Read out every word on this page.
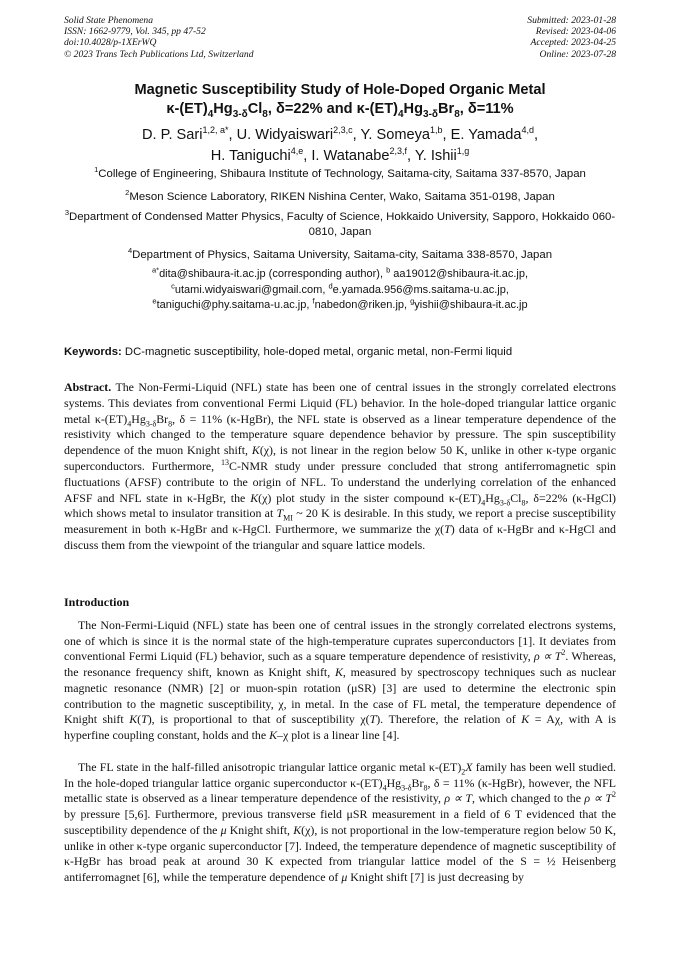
Solid State Phenomena
ISSN: 1662-9779, Vol. 345, pp 47-52
doi:10.4028/p-1XErWQ
© 2023 Trans Tech Publications Ltd, Switzerland
Submitted: 2023-01-28
Revised: 2023-04-06
Accepted: 2023-04-25
Online: 2023-07-28
Magnetic Susceptibility Study of Hole-Doped Organic Metal
$\kappa-(ET)_4Hg_{3-\delta}Cl_8$, δ=22% and $\kappa-(ET)_4Hg_{3-\delta}Br_8$, δ=11%
D. P. Sari$^{1,2, a*}$, U. Widyaiswari$^{2,3,c}$, Y. Someya$^{1,b}$, E. Yamada$^{4,d}$,
H. Taniguchi$^{4,e}$, I. Watanabe$^{2,3,f}$, Y. Ishii$^{1,g}$
$^1$College of Engineering, Shibaura Institute of Technology, Saitama-city, Saitama 337-8570, Japan
$^2$Meson Science Laboratory, RIKEN Nishina Center, Wako, Saitama 351-0198, Japan
$^3$Department of Condensed Matter Physics, Faculty of Science, Hokkaido University, Sapporo, Hokkaido 060-0810, Japan
$^4$Department of Physics, Saitama University, Saitama-city, Saitama 338-8570, Japan
$^{a*}$dita@shibaura-it.ac.jp (corresponding author), $^b$ aa19012@shibaura-it.ac.jp,
$^c$utami.widyaiswari@gmail.com, $^d$e.yamada.956@ms.saitama-u.ac.jp,
$^e$taniguchi@phy.saitama-u.ac.jp, $^f$nabedon@riken.jp, $^g$yishii@shibaura-it.ac.jp
Keywords: DC-magnetic susceptibility, hole-doped metal, organic metal, non-Fermi liquid
Abstract. The Non-Fermi-Liquid (NFL) state has been one of central issues in the strongly correlated electrons systems. This deviates from conventional Fermi Liquid (FL) behavior. In the hole-doped triangular lattice organic metal $\kappa-(ET)_4Hg_{3-\delta}Br_8$, δ = 11% (κ-HgBr), the NFL state is observed as a linear temperature dependence of the resistivity which changed to the temperature square dependence behavior by pressure. The spin susceptibility dependence of the muon Knight shift, K(χ), is not linear in the region below 50 K, unlike in other κ-type organic superconductors. Furthermore, $^{13}$C-NMR study under pressure concluded that strong antiferromagnetic spin fluctuations (AFSF) contribute to the origin of NFL. To understand the underlying correlation of the enhanced AFSF and NFL state in κ-HgBr, the K(χ) plot study in the sister compound $\kappa-(ET)_4Hg_{3-\delta}Cl_8$, δ=22% (κ-HgCl) which shows metal to insulator transition at $T_{MI}$ ~ 20 K is desirable. In this study, we report a precise susceptibility measurement in both κ-HgBr and κ-HgCl. Furthermore, we summarize the χ(T) data of κ-HgBr and κ-HgCl and discuss them from the viewpoint of the triangular and square lattice models.
Introduction
The Non-Fermi-Liquid (NFL) state has been one of central issues in the strongly correlated electrons systems, one of which is since it is the normal state of the high-temperature cuprates superconductors [1]. It deviates from conventional Fermi Liquid (FL) behavior, such as a square temperature dependence of resistivity, $\rho \propto T^2$. Whereas, the resonance frequency shift, known as Knight shift, K, measured by spectroscopy techniques such as nuclear magnetic resonance (NMR) [2] or muon-spin rotation (μSR) [3] are used to determine the electronic spin contribution to the magnetic susceptibility, χ, in metal. In the case of FL metal, the temperature dependence of Knight shift K(T), is proportional to that of susceptibility χ(T). Therefore, the relation of K = Aχ, with A is hyperfine coupling constant, holds and the K–χ plot is a linear line [4].
The FL state in the half-filled anisotropic triangular lattice organic metal $\kappa-(ET)_2X$ family has been well studied. In the hole-doped triangular lattice organic superconductor $\kappa-(ET)_4Hg_{3-\delta}Br_8$, δ = 11% (κ-HgBr), however, the NFL metallic state is observed as a linear temperature dependence of the resistivity, ρ ∝ T, which changed to the $\rho \propto T^2$ by pressure [5,6]. Furthermore, previous transverse field μSR measurement in a field of 6 T evidenced that the susceptibility dependence of the μ Knight shift, K(χ), is not proportional in the low-temperature region below 50 K, unlike in other κ-type organic superconductor [7]. Indeed, the temperature dependence of magnetic susceptibility of κ-HgBr has broad peak at around 30 K expected from triangular lattice model of the S = ½ Heisenberg antiferromagnet [6], while the temperature dependence of μ Knight shift [7] is just decreasing by
